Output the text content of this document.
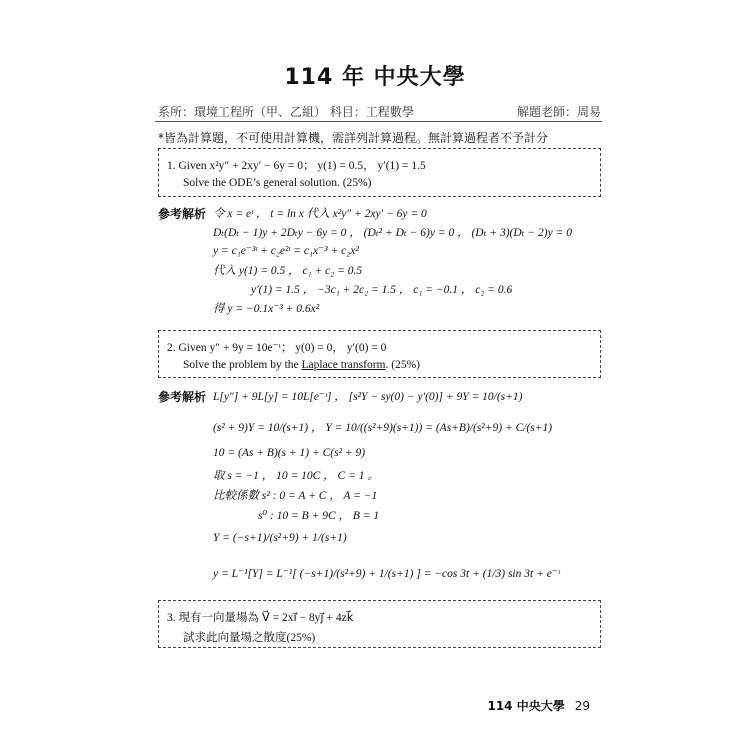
114 年 中央大學
系所：環境工程所（甲、乙組） 科目：工程數學	解題老師：周易
*皆為計算題，不可使用計算機，需詳列計算過程。無計算過程者不予計分
1. Given x²y″ + 2xy′ − 6y = 0； y(1) = 0.5， y′(1) = 1.5
Solve the ODE’s general solution. (25%)
參考解析 令 x = eᵗ ， t = ln x 代入 x²y″ + 2xy′ − 6y = 0
Dₜ(Dₜ − 1)y + 2Dₜy − 6y = 0 ， (Dₜ² + Dₜ − 6)y = 0 ， (Dₜ + 3)(Dₜ − 2)y = 0
y = c₁e⁻³ᵗ + c₂e²ᵗ = c₁x⁻³ + c₂x²
代入 y(1) = 0.5 ， c₁ + c₂ = 0.5
y′(1) = 1.5 ， −3c₁ + 2c₂ = 1.5 ， c₁ = −0.1 ， c₂ = 0.6
得 y = −0.1x⁻³ + 0.6x²
2. Given y″ + 9y = 10e⁻ᵗ； y(0) = 0， y′(0) = 0
Solve the problem by the Laplace transform. (25%)
參考解析 L[y″] + 9L[y] = 10L[e⁻ᵗ] ， [s²Y − sy(0) − y′(0)] + 9Y = 10/(s+1)
(s² + 9)Y = 10/(s+1) ， Y = 10/((s²+9)(s+1)) = (As+B)/(s²+9) + C/(s+1)
10 = (As + B)(s + 1) + C(s² + 9)
取 s = −1 ， 10 = 10C ， C = 1 。
比較係數 s² : 0 = A + C ， A = −1
s⁰ : 10 = B + 9C ， B = 1
Y = (−s+1)/(s²+9) + 1/(s+1)
y = L⁻¹[Y] = L⁻¹[ (−s+1)/(s²+9) + 1/(s+1) ] = −cos 3t + (1/3) sin 3t + e⁻ᵗ
3. 現有一向量場為 V⃗ = 2xi⃗ − 8yj⃗ + 4zk⃗
試求此向量場之散度(25%)
114 中央大學 29
